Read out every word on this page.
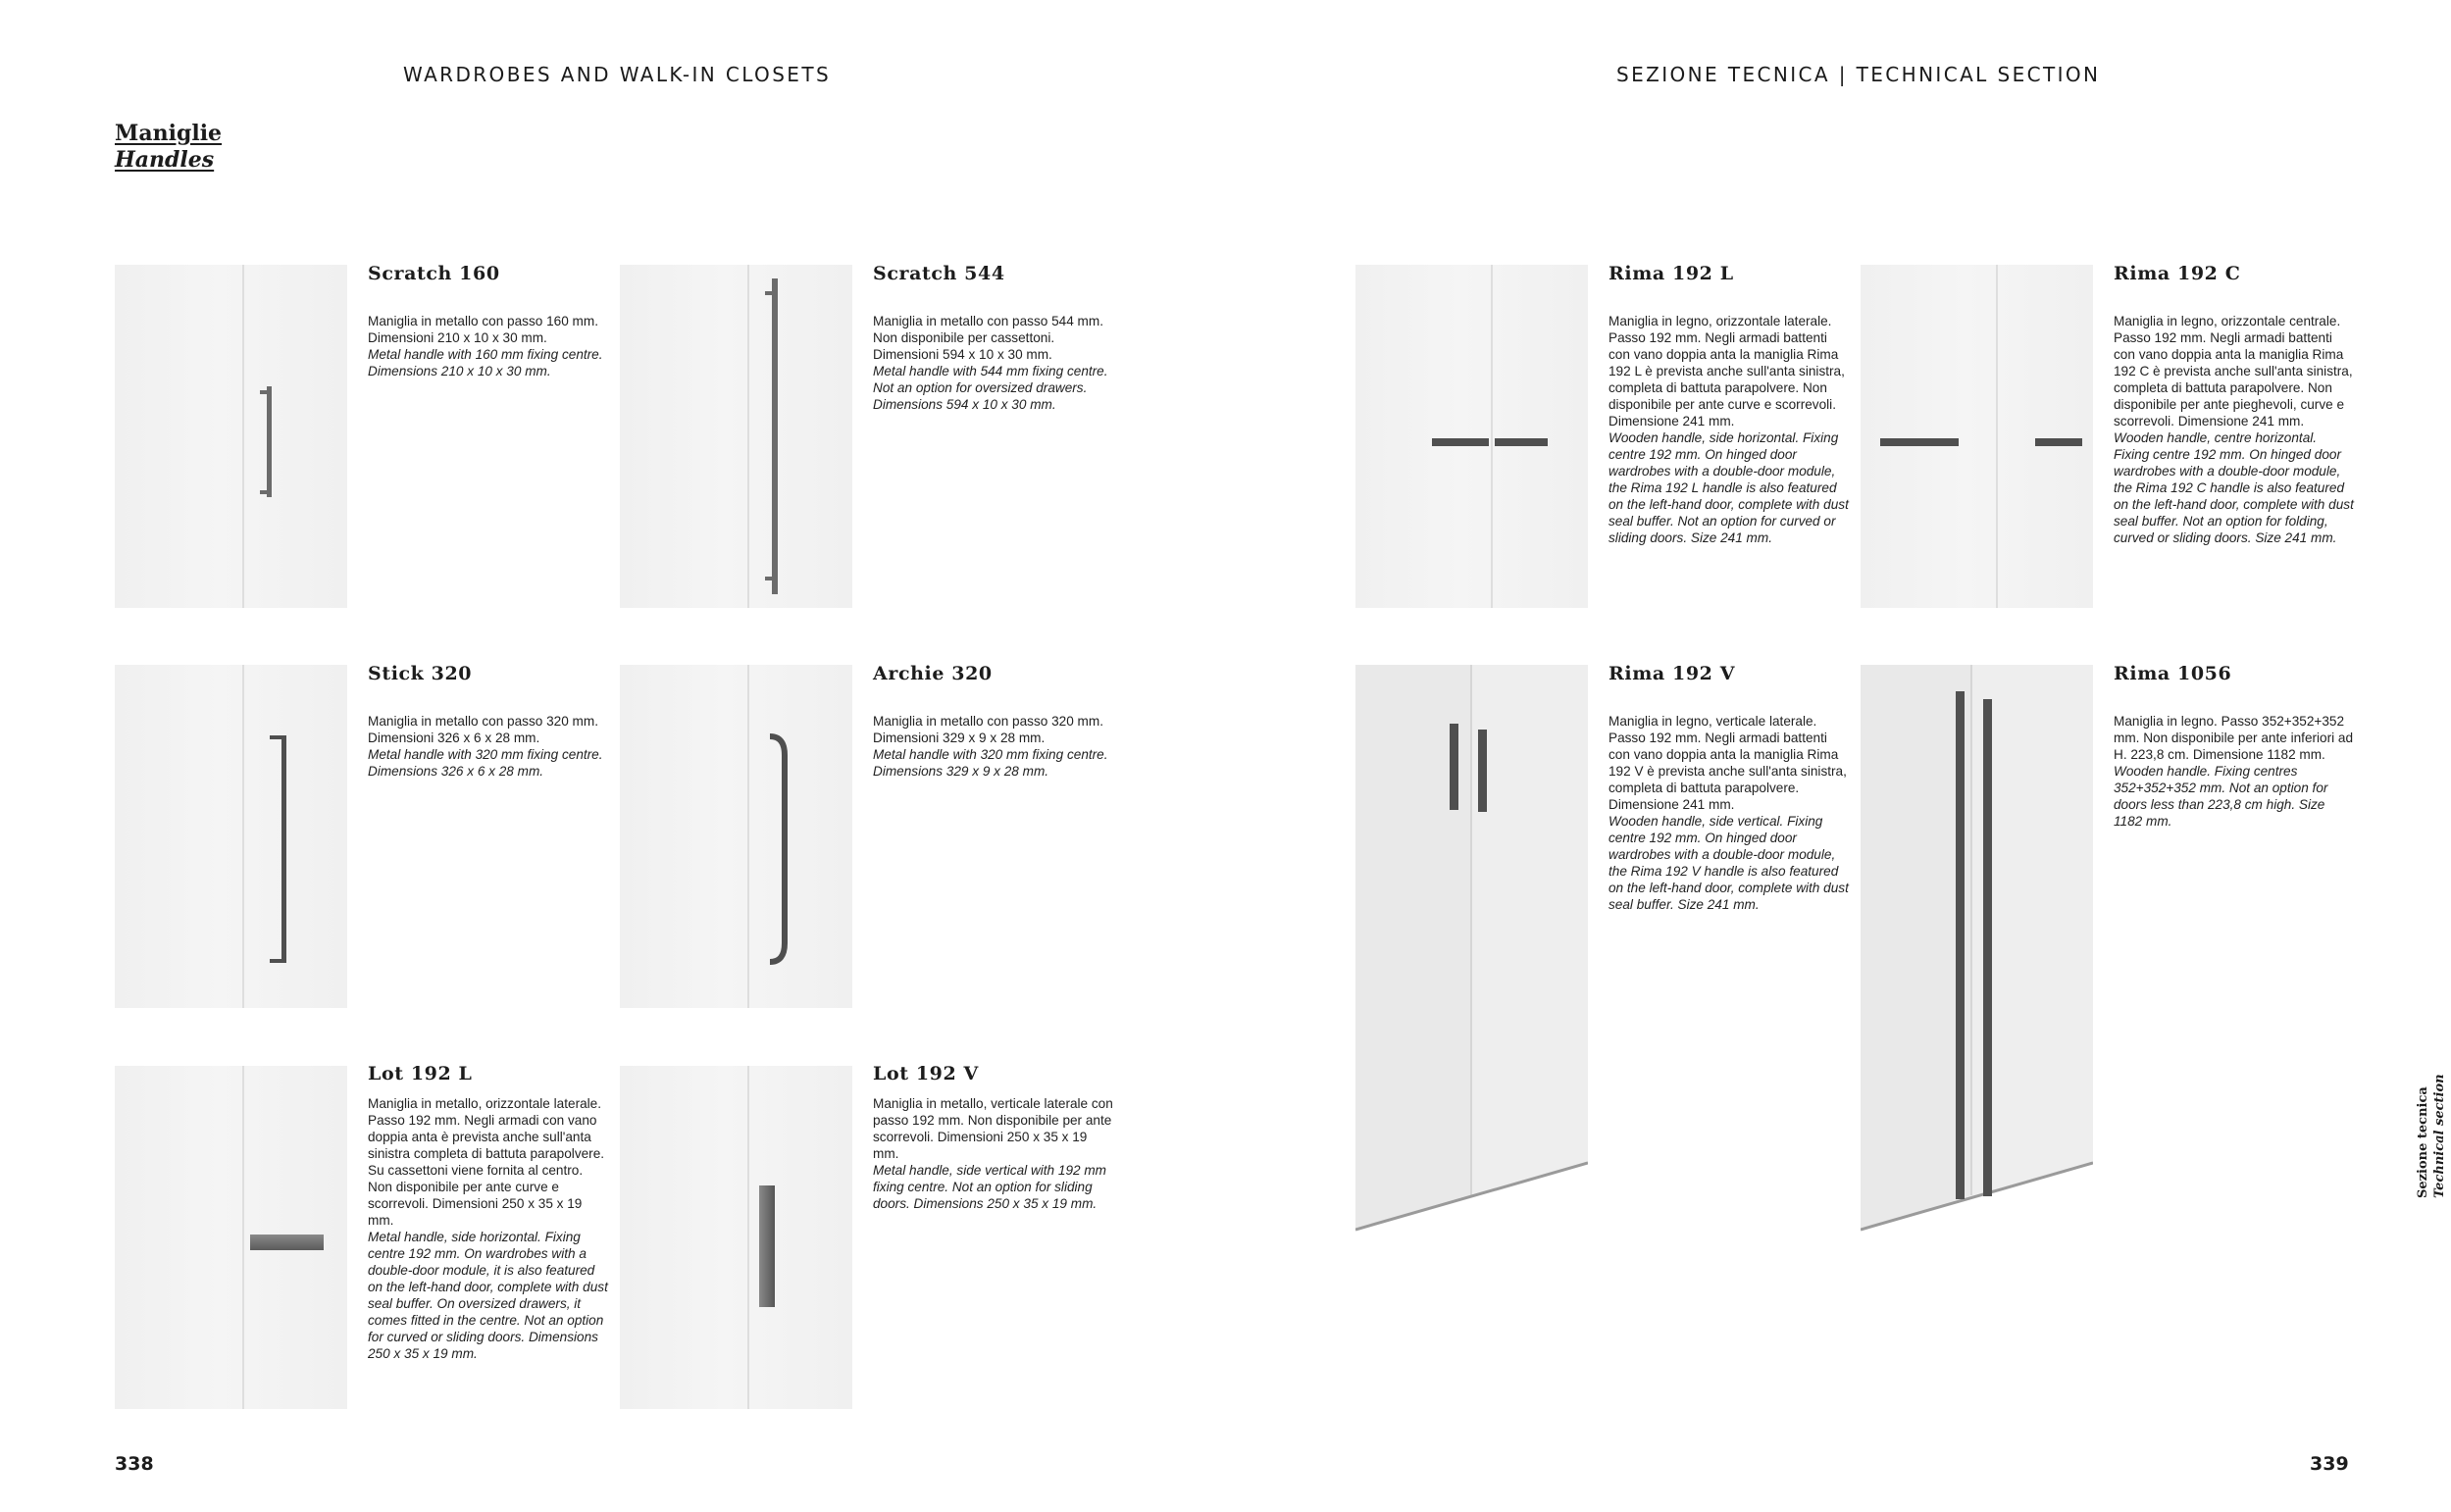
WARDROBES AND WALK-IN CLOSETS
Maniglie
Handles
Scratch 160

Maniglia in metallo con passo 160 mm. Dimensioni 210 x 10 x 30 mm.

Metal handle with 160 mm fixing centre. Dimensions 210 x 10 x 30 mm.

Scratch 544

Maniglia in metallo con passo 544 mm. Non disponibile per cassettoni. Dimensioni 594 x 10 x 30 mm.

Metal handle with 544 mm fixing centre. Not an option for oversized drawers. Dimensions 594 x 10 x 30 mm.

Stick 320

Maniglia in metallo con passo 320 mm. Dimensioni 326 x 6 x 28 mm.

Metal handle with 320 mm fixing centre. Dimensions 326 x 6 x 28 mm.

Archie 320

Maniglia in metallo con passo 320 mm. Dimensioni 329 x 9 x 28 mm.

Metal handle with 320 mm fixing centre. Dimensions 329 x 9 x 28 mm.

Lot 192 L

Maniglia in metallo, orizzontale laterale. Passo 192 mm. Negli armadi con vano doppia anta è prevista anche sull'anta sinistra completa di battuta parapolvere. Su cassettoni viene fornita al centro. Non disponibile per ante curve e scorrevoli. Dimensioni 250 x 35 x 19 mm.

Metal handle, side horizontal. Fixing centre 192 mm. On wardrobes with a double-door module, it is also featured on the left-hand door, complete with dust seal buffer. On oversized drawers, it comes fitted in the centre. Not an option for curved or sliding doors. Dimensions 250 x 35 x 19 mm.

Lot 192 V

Maniglia in metallo, verticale laterale con passo 192 mm. Non disponibile per ante scorrevoli. Dimensioni 250 x 35 x 19 mm.

Metal handle, side vertical with 192 mm fixing centre. Not an option for sliding doors. Dimensions 250 x 35 x 19 mm.

338
SEZIONE TECNICA | TECHNICAL SECTION
Rima 192 L

Maniglia in legno, orizzontale laterale. Passo 192 mm. Negli armadi battenti con vano doppia anta la maniglia Rima 192 L è prevista anche sull'anta sinistra, completa di battuta parapolvere. Non disponibile per ante curve e scorrevoli. Dimensione 241 mm.

Wooden handle, side horizontal. Fixing centre 192 mm. On hinged door wardrobes with a double-door module, the Rima 192 L handle is also featured on the left-hand door, complete with dust seal buffer. Not an option for curved or sliding doors. Size 241 mm.

Rima 192 C

Maniglia in legno, orizzontale centrale. Passo 192 mm. Negli armadi battenti con vano doppia anta la maniglia Rima 192 C è prevista anche sull'anta sinistra, completa di battuta parapolvere. Non disponibile per ante pieghevoli, curve e scorrevoli. Dimensione 241 mm.

Wooden handle, centre horizontal. Fixing centre 192 mm. On hinged door wardrobes with a double-door module, the Rima 192 C handle is also featured on the left-hand door, complete with dust seal buffer. Not an option for folding, curved or sliding doors. Size 241 mm.

Rima 192 V

Maniglia in legno, verticale laterale. Passo 192 mm. Negli armadi battenti con vano doppia anta la maniglia Rima 192 V è prevista anche sull'anta sinistra, completa di battuta parapolvere. Dimensione 241 mm.

Wooden handle, side vertical. Fixing centre 192 mm. On hinged door wardrobes with a double-door module, the Rima 192 V handle is also featured on the left-hand door, complete with dust seal buffer. Size 241 mm.

Rima 1056

Maniglia in legno. Passo 352+352+352 mm. Non disponibile per ante inferiori ad H. 223,8 cm. Dimensione 1182 mm.

Wooden handle. Fixing centres 352+352+352 mm. Not an option for doors less than 223,8 cm high. Size 1182 mm.

Sezione tecnica Technical section
339
